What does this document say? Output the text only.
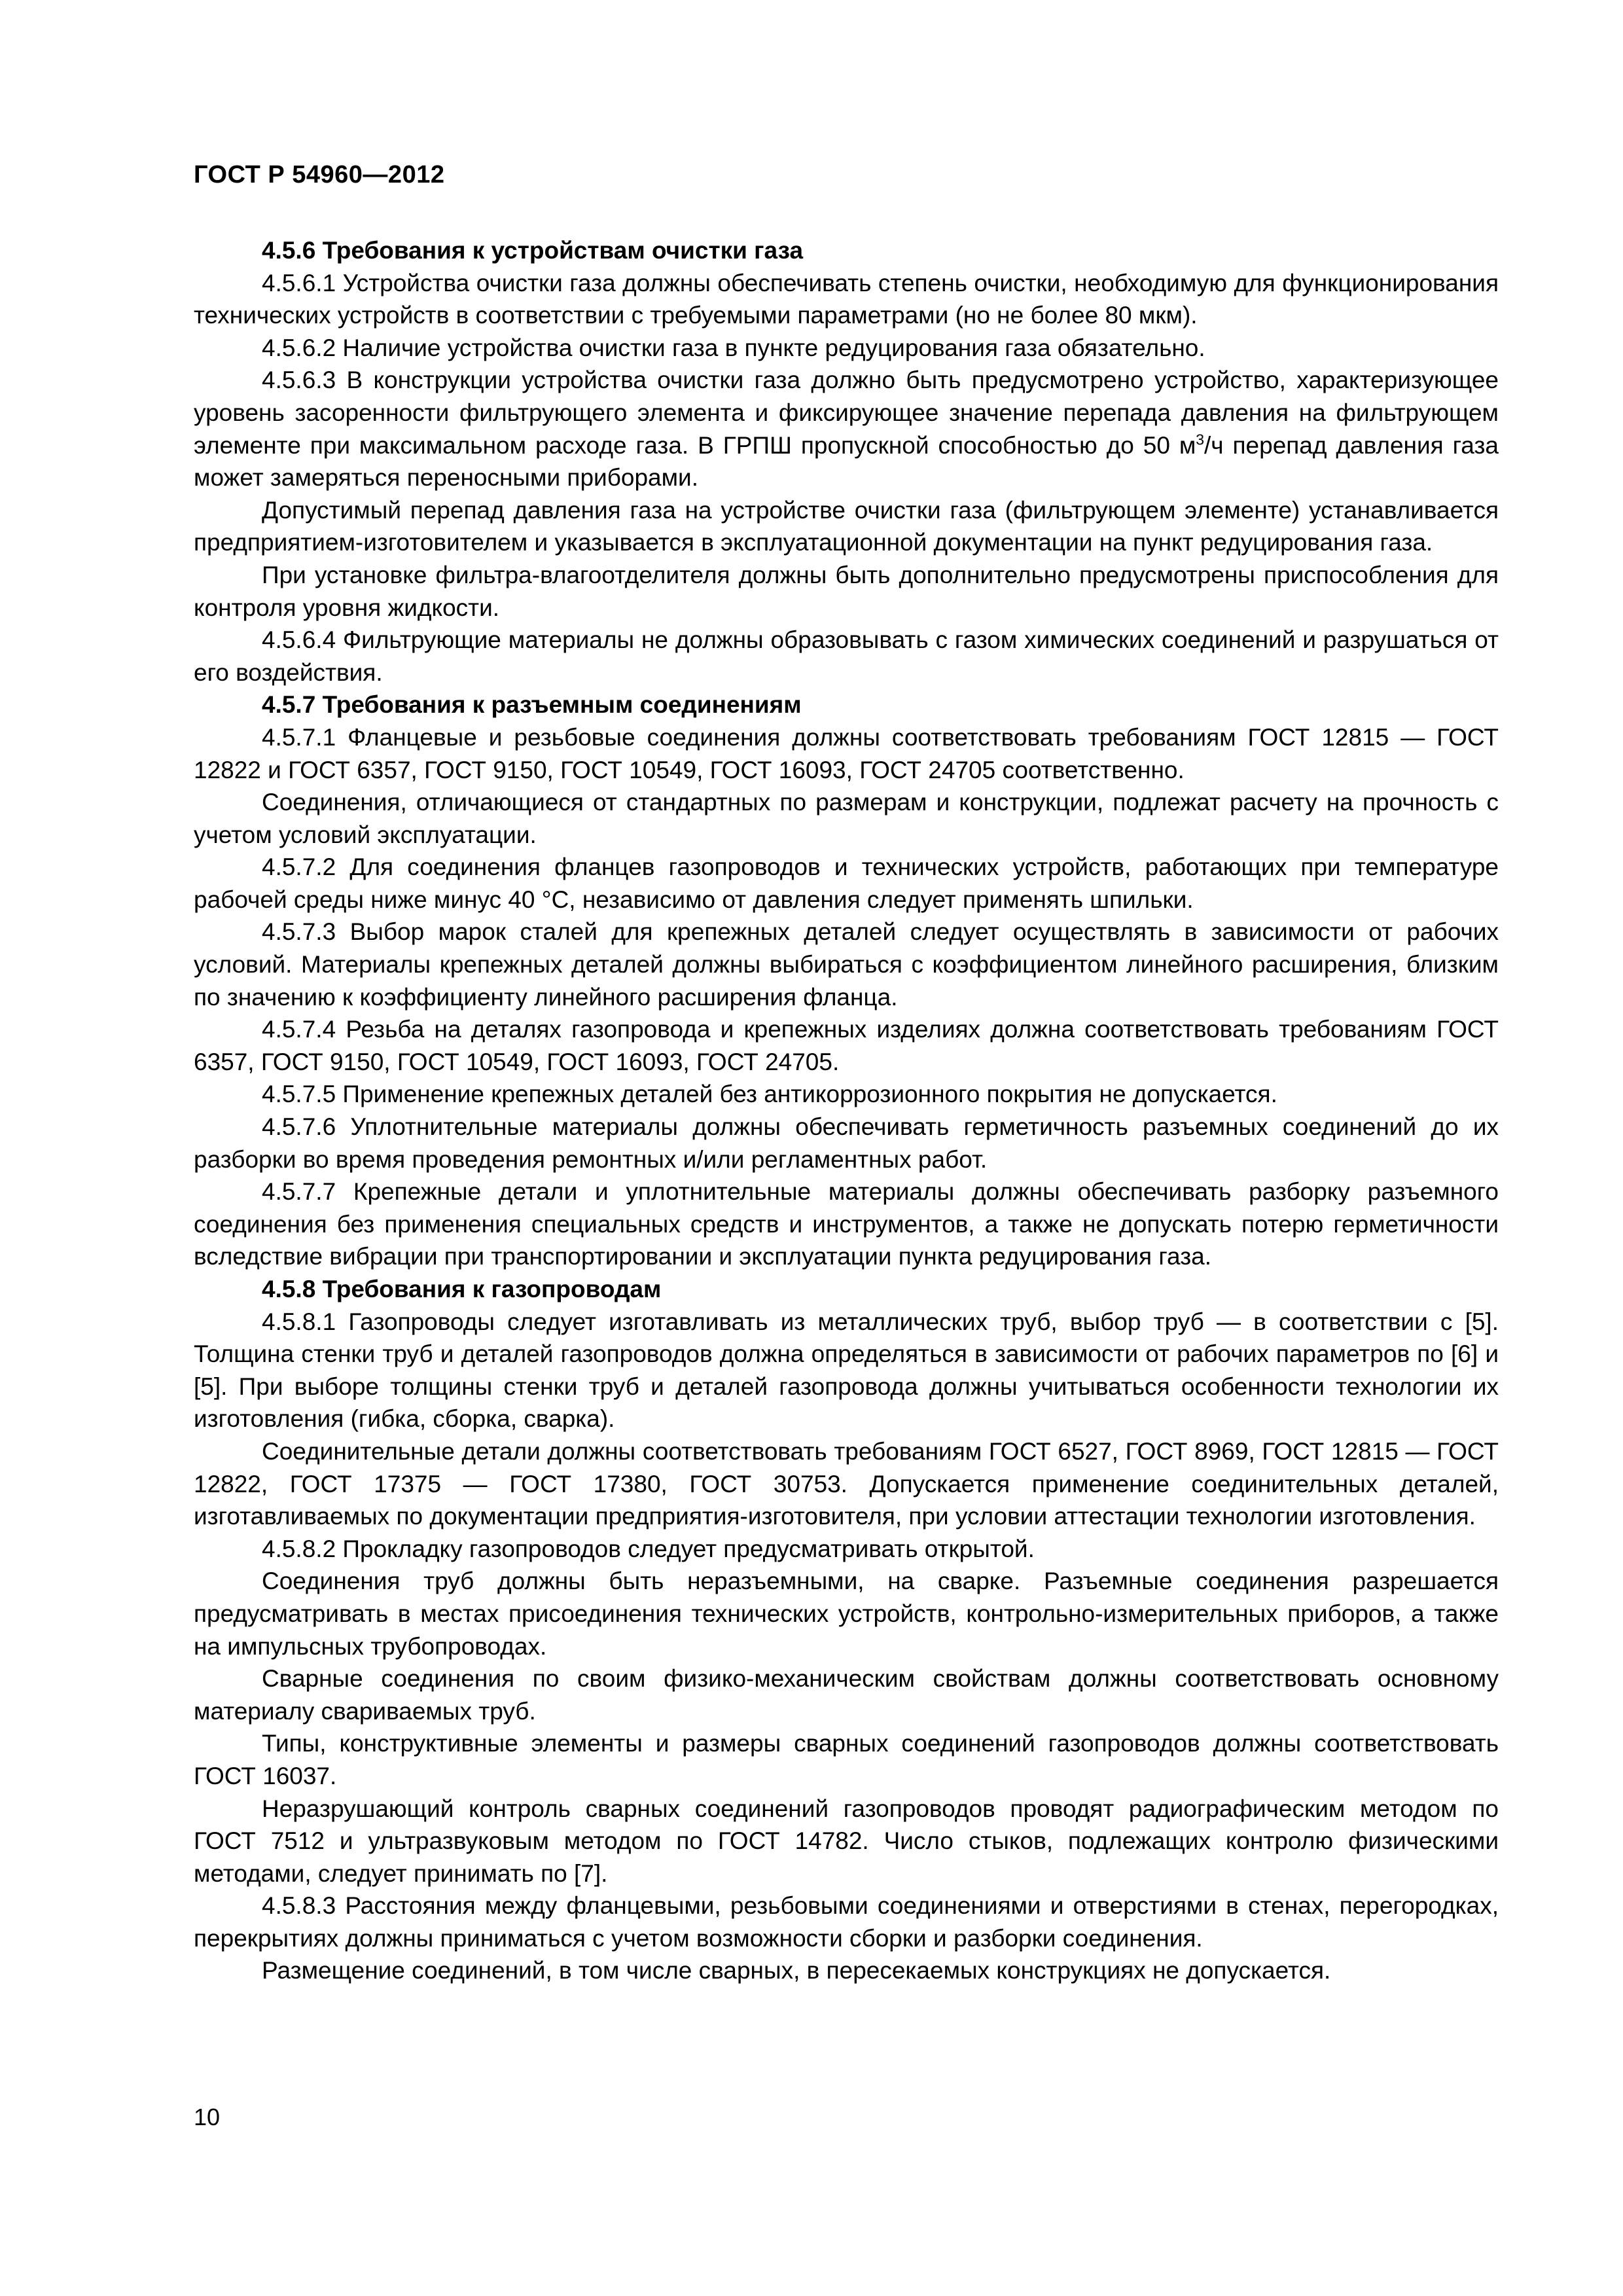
ГОСТ Р 54960—2012

4.5.6 Требования к устройствам очистки газа

4.5.6.1 Устройства очистки газа должны обеспечивать степень очистки, необходимую для функционирования технических устройств в соответствии с требуемыми параметрами (но не более 80 мкм).

4.5.6.2 Наличие устройства очистки газа в пункте редуцирования газа обязательно.

4.5.6.3 В конструкции устройства очистки газа должно быть предусмотрено устройство, характеризующее уровень засоренности фильтрующего элемента и фиксирующее значение перепада давления на фильтрующем элементе при максимальном расходе газа. В ГРПШ пропускной способностью до 50 $м^3/ч$ перепад давления газа может замеряться переносными приборами.

Допустимый перепад давления газа на устройстве очистки газа (фильтрующем элементе) устанавливается предприятием-изготовителем и указывается в эксплуатационной документации на пункт редуцирования газа.

При установке фильтра-влагоотделителя должны быть дополнительно предусмотрены приспособления для контроля уровня жидкости.

4.5.6.4 Фильтрующие материалы не должны образовывать с газом химических соединений и разрушаться от его воздействия.

4.5.7 Требования к разъемным соединениям

4.5.7.1 Фланцевые и резьбовые соединения должны соответствовать требованиям ГОСТ 12815 — ГОСТ 12822 и ГОСТ 6357, ГОСТ 9150, ГОСТ 10549, ГОСТ 16093, ГОСТ 24705 соответственно.

Соединения, отличающиеся от стандартных по размерам и конструкции, подлежат расчету на прочность с учетом условий эксплуатации.

4.5.7.2 Для соединения фланцев газопроводов и технических устройств, работающих при температуре рабочей среды ниже минус 40 °С, независимо от давления следует применять шпильки.

4.5.7.3 Выбор марок сталей для крепежных деталей следует осуществлять в зависимости от рабочих условий. Материалы крепежных деталей должны выбираться с коэффициентом линейного расширения, близким по значению к коэффициенту линейного расширения фланца.

4.5.7.4 Резьба на деталях газопровода и крепежных изделиях должна соответствовать требованиям ГОСТ 6357, ГОСТ 9150, ГОСТ 10549, ГОСТ 16093, ГОСТ 24705.

4.5.7.5 Применение крепежных деталей без антикоррозионного покрытия не допускается.

4.5.7.6 Уплотнительные материалы должны обеспечивать герметичность разъемных соединений до их разборки во время проведения ремонтных и/или регламентных работ.

4.5.7.7 Крепежные детали и уплотнительные материалы должны обеспечивать разборку разъемного соединения без применения специальных средств и инструментов, а также не допускать потерю герметичности вследствие вибрации при транспортировании и эксплуатации пункта редуцирования газа.

4.5.8 Требования к газопроводам

4.5.8.1 Газопроводы следует изготавливать из металлических труб, выбор труб — в соответствии с [5]. Толщина стенки труб и деталей газопроводов должна определяться в зависимости от рабочих параметров по [6] и [5]. При выборе толщины стенки труб и деталей газопровода должны учитываться особенности технологии их изготовления (гибка, сборка, сварка).

Соединительные детали должны соответствовать требованиям ГОСТ 6527, ГОСТ 8969, ГОСТ 12815 — ГОСТ 12822, ГОСТ 17375 — ГОСТ 17380, ГОСТ 30753. Допускается применение соединительных деталей, изготавливаемых по документации предприятия-изготовителя, при условии аттестации технологии изготовления.

4.5.8.2 Прокладку газопроводов следует предусматривать открытой.

Соединения труб должны быть неразъемными, на сварке. Разъемные соединения разрешается предусматривать в местах присоединения технических устройств, контрольно-измерительных приборов, а также на импульсных трубопроводах.

Сварные соединения по своим физико-механическим свойствам должны соответствовать основному материалу свариваемых труб.

Типы, конструктивные элементы и размеры сварных соединений газопроводов должны соответствовать ГОСТ 16037.

Неразрушающий контроль сварных соединений газопроводов проводят радиографическим методом по ГОСТ 7512 и ультразвуковым методом по ГОСТ 14782. Число стыков, подлежащих контролю физическими методами, следует принимать по [7].

4.5.8.3 Расстояния между фланцевыми, резьбовыми соединениями и отверстиями в стенах, перегородках, перекрытиях должны приниматься с учетом возможности сборки и разборки соединения.

Размещение соединений, в том числе сварных, в пересекаемых конструкциях не допускается.

10
